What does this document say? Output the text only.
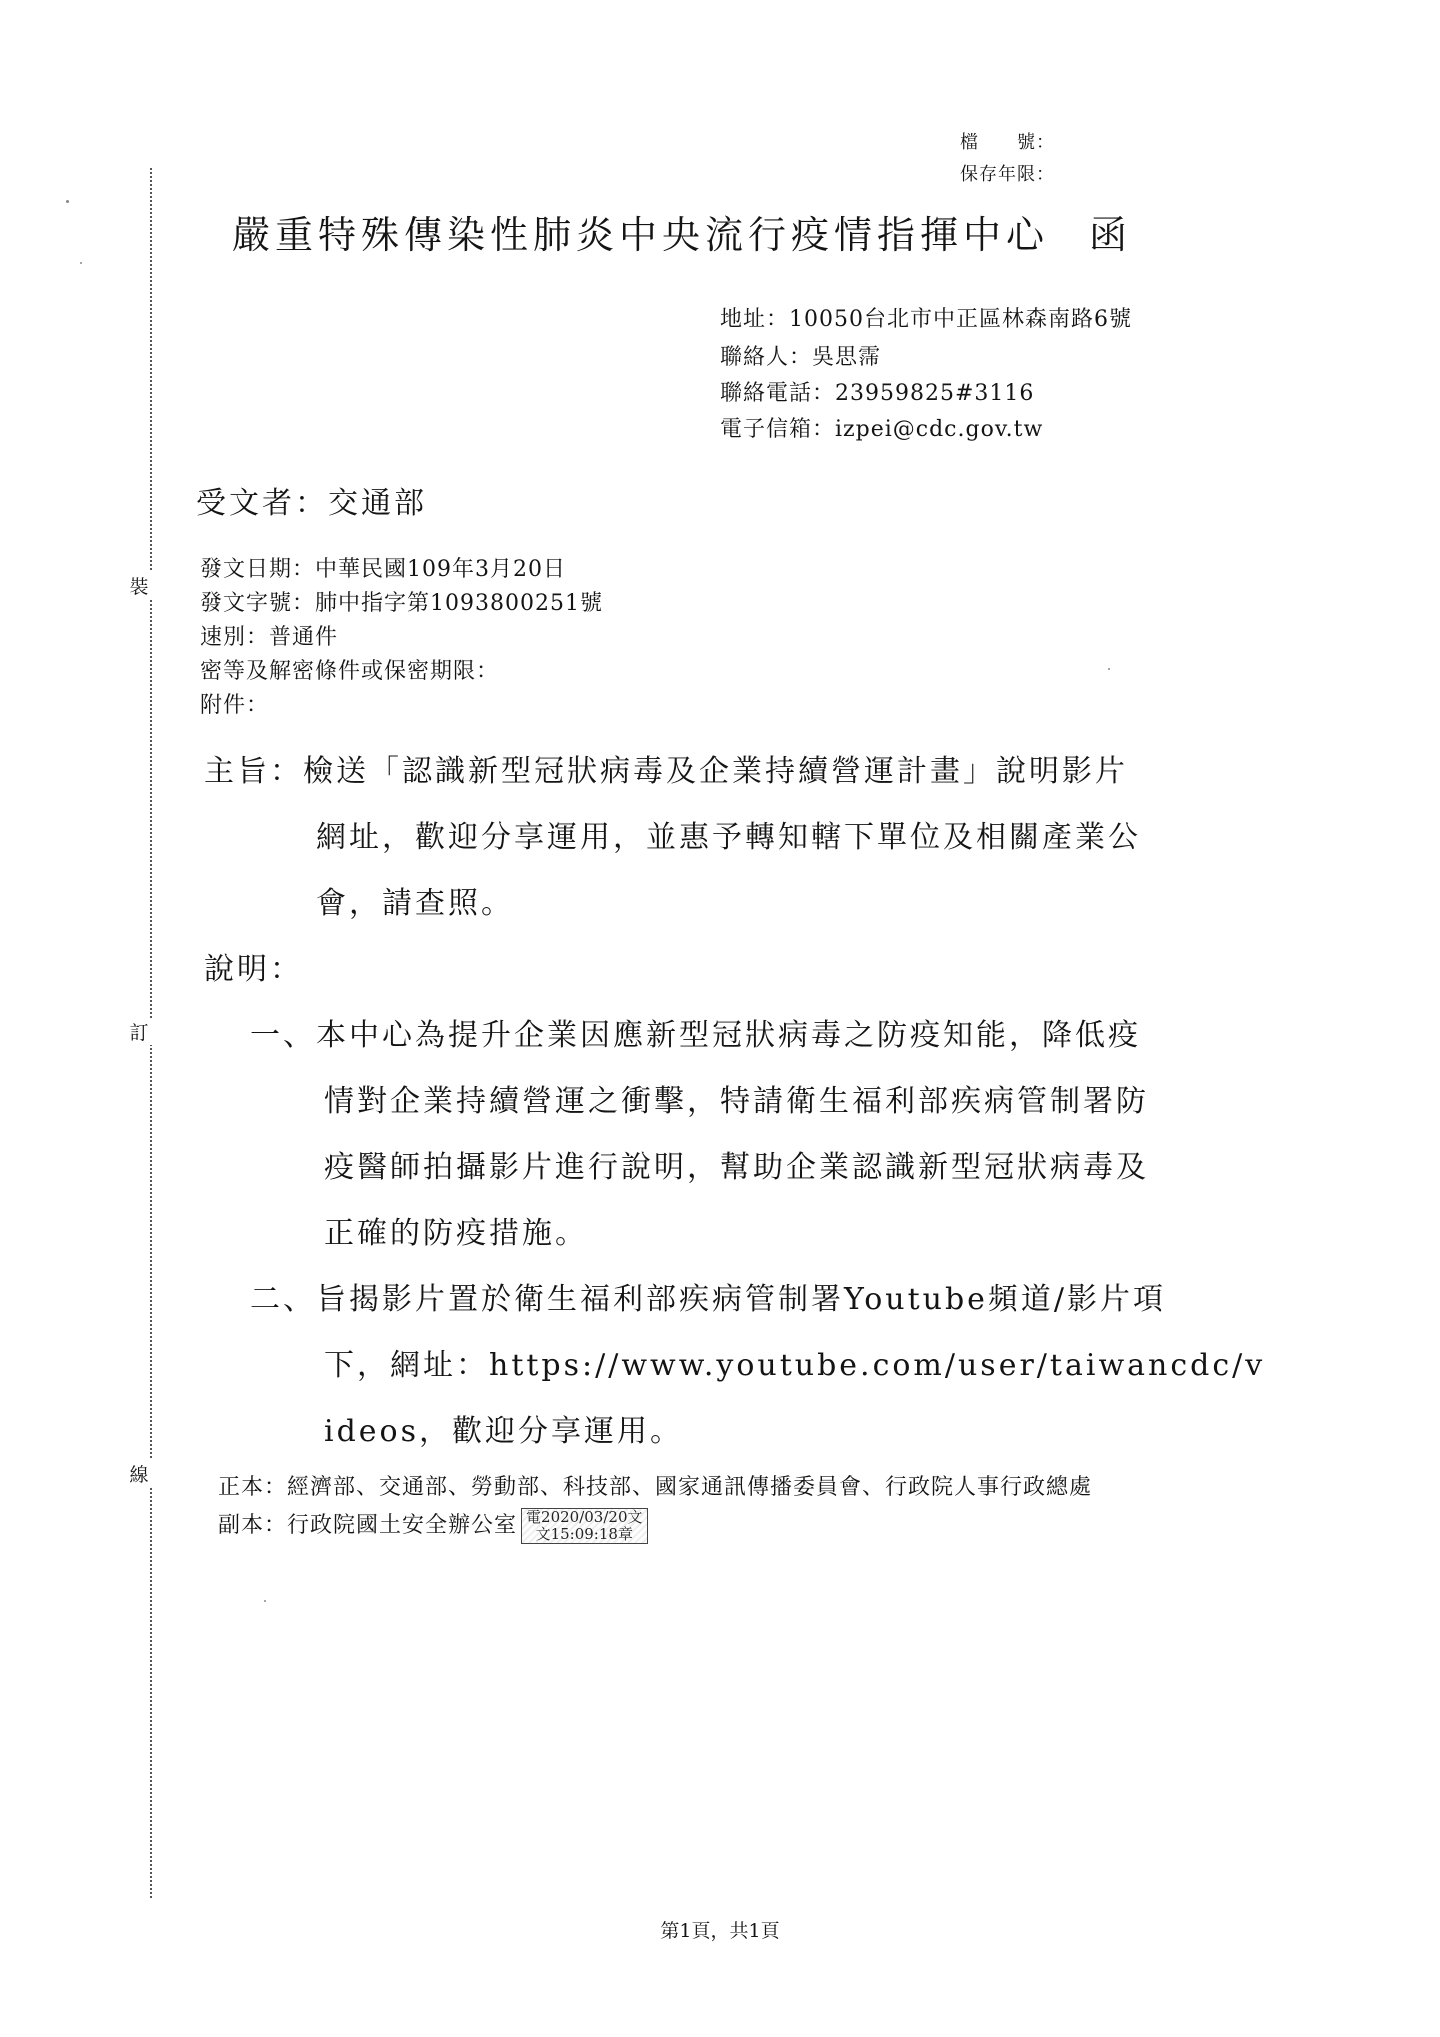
裝
訂
線
檔　　號：
保存年限：
嚴重特殊傳染性肺炎中央流行疫情指揮中心 函
地址：10050台北市中正區林森南路6號
聯絡人：吳思霈
聯絡電話：23959825#3116
電子信箱：izpei@cdc.gov.tw
受文者：交通部
發文日期：中華民國109年3月20日
發文字號：肺中指字第1093800251號
速別：普通件
密等及解密條件或保密期限：
附件：
主旨：檢送「認識新型冠狀病毒及企業持續營運計畫」說明影片
網址，歡迎分享運用，並惠予轉知轄下單位及相關產業公
會，請查照。
說明：
一、本中心為提升企業因應新型冠狀病毒之防疫知能，降低疫
情對企業持續營運之衝擊，特請衛生福利部疾病管制署防
疫醫師拍攝影片進行說明，幫助企業認識新型冠狀病毒及
正確的防疫措施。
二、旨揭影片置於衛生福利部疾病管制署Youtube頻道/影片項
下，網址：https://www.youtube.com/user/taiwancdc/v
ideos，歡迎分享運用。
正本：經濟部、交通部、勞動部、科技部、國家通訊傳播委員會、行政院人事行政總處
副本：行政院國土安全辦公室 電2020/03/20文
文15:09:18章
第1頁，共1頁
